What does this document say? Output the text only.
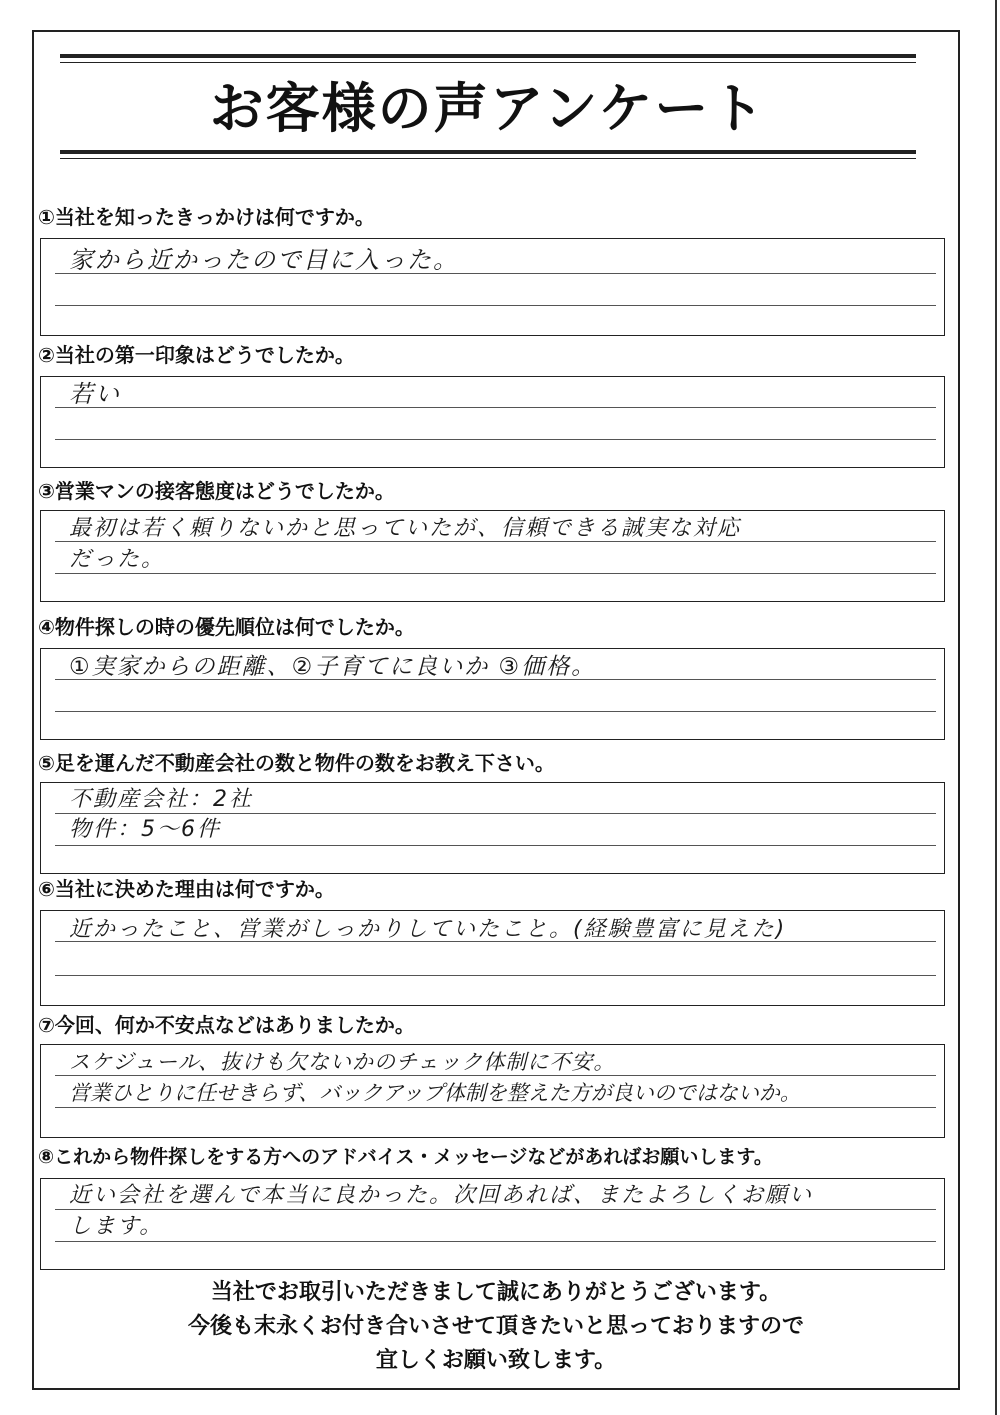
お客様の声アンケート
①当社を知ったきっかけは何ですか。
家から近かったので目に入った。
②当社の第一印象はどうでしたか。
若い
③営業マンの接客態度はどうでしたか。
最初は若く頼りないかと思っていたが、信頼できる誠実な対応
だった。
④物件探しの時の優先順位は何でしたか。
①実家からの距離、②子育てに良いか ③価格。
⑤足を運んだ不動産会社の数と物件の数をお教え下さい。
不動産会社：2社
物件：5〜6件
⑥当社に決めた理由は何ですか。
近かったこと、営業がしっかりしていたこと。(経験豊富に見えた)
⑦今回、何か不安点などはありましたか。
スケジュール、抜けも欠ないかのチェック体制に不安。
営業ひとりに任せきらず、バックアップ体制を整えた方が良いのではないか。
⑧これから物件探しをする方へのアドバイス・メッセージなどがあればお願いします。
近い会社を選んで本当に良かった。次回あれば、またよろしくお願い
します。
当社でお取引いただきまして誠にありがとうございます。
今後も末永くお付き合いさせて頂きたいと思っておりますので
宜しくお願い致します。
